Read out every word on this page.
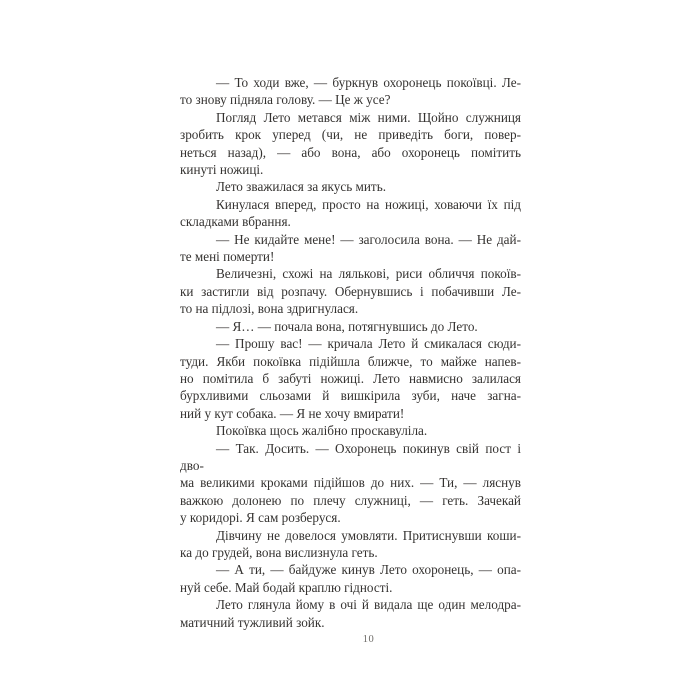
— То ходи вже, — буркнув охоронець покоївці. Ле-
то знову підняла голову. — Це ж усе?

Погляд Лето метався між ними. Щойно служниця
зробить крок уперед (чи, не приведіть боги, повер-
неться назад), — або вона, або охоронець помітить
кинуті ножиці.

Лето зважилася за якусь мить.

Кинулася вперед, просто на ножиці, ховаючи їх під
складками вбрання.

— Не кидайте мене! — заголосила вона. — Не дай-
те мені померти!

Величезні, схожі на лялькові, риси обличчя покоїв-
ки застигли від розпачу. Обернувшись і побачивши Ле-
то на підлозі, вона здригнулася.

— Я… — почала вона, потягнувшись до Лето.

— Прошу вас! — кричала Лето й смикалася сюди-
туди. Якби покоївка підійшла ближче, то майже напев-
но помітила б забуті ножиці. Лето навмисно залилася
бурхливими сльозами й вишкірила зуби, наче загна-
ний у кут собака. — Я не хочу вмирати!

Покоївка щось жалібно проскавуліла.

— Так. Досить. — Охоронець покинув свій пост і дво-
ма великими кроками підійшов до них. — Ти, — ляснув
важкою долонею по плечу служниці, — геть. Зачекай
у коридорі. Я сам розберуся.

Дівчину не довелося умовляти. Притиснувши коши-
ка до грудей, вона вислизнула геть.

— А ти, — байдуже кинув Лето охоронець, — опа-
нуй себе. Май бодай краплю гідності.

Лето глянула йому в очі й видала ще один мелодра-
матичний тужливий зойк.

10
